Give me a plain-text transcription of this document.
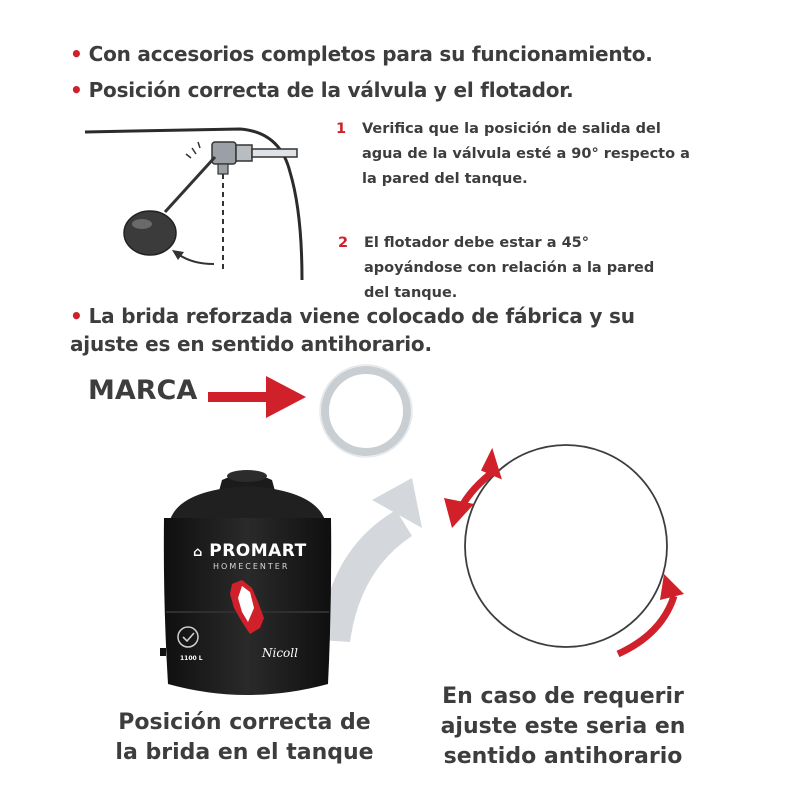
• Con accesorios completos para su funcionamiento.
• Posición correcta de la válvula y el flotador.
1 Verifica que la posición de salida del agua de la válvula esté a 90° respecto a la pared del tanque.
2 El flotador debe estar a 45° apoyándose con relación a la pared del tanque.
• La brida reforzada viene colocado de fábrica y su
ajuste es en sentido antihorario.
MARCA
⌂ PROMART
HOMECENTER
1100 L	Nicoll
Posición correcta de
la brida en el tanque
En caso de requerir
ajuste este seria en
sentido antihorario
